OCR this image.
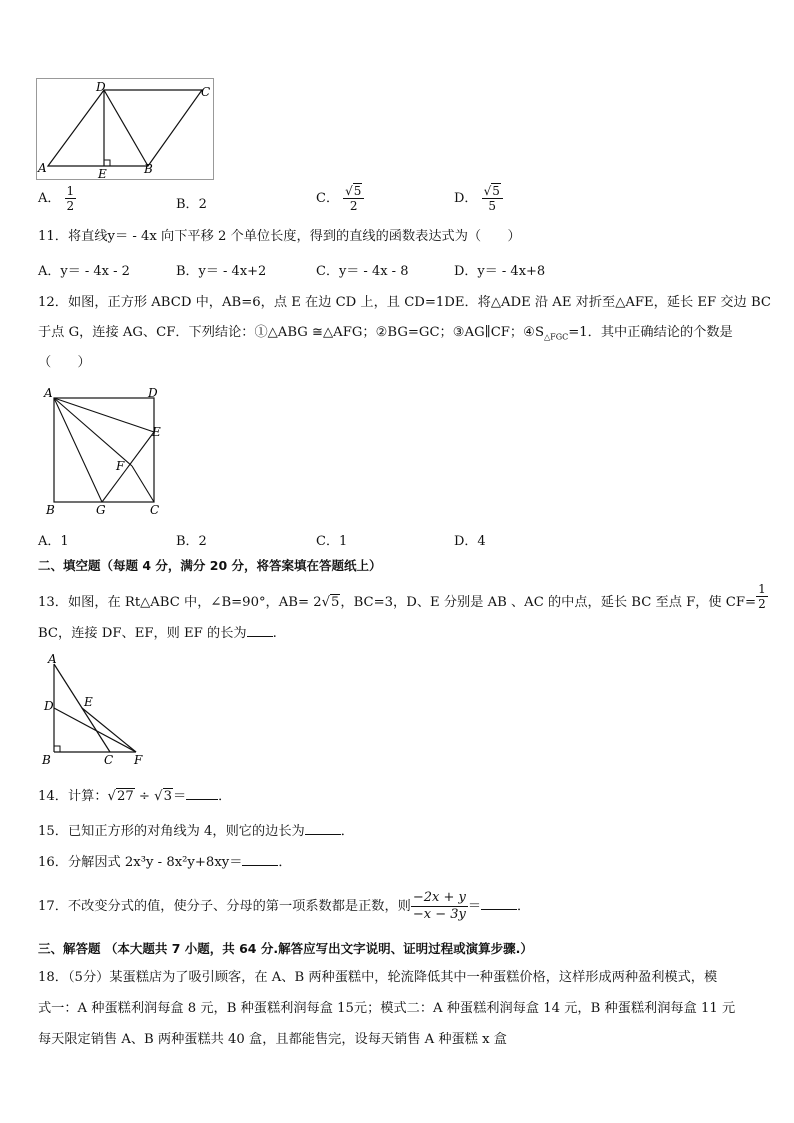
A
D	C
E	B
A． $\frac{1}{2}$	B．2	C． $\frac{√5}{2}$	D． $\frac{√5}{5}$
11．将直线y＝ - 4x 向下平移 2 个单位长度，得到的直线的函数表达式为（　　）
A．y＝ - 4x - 2	B．y＝ - 4x+2	C．y＝ - 4x - 8	D．y＝ - 4x+8
12．如图，正方形 ABCD 中，AB=6，点 E 在边 CD 上，且 CD=1DE．将△ADE 沿 AE 对折至△AFE，延长 EF 交边 BC
于点 G，连接 AG、CF．下列结论：①△ABG ≅△AFG；②BG=GC；③AG∥CF；$④S_{\triangle FGC}=1$．其中正确结论的个数是
（　　）
A	D
E
F
B	G	C
A．1	B．2	C．1	D．4
二、填空题（每题 4 分，满分 20 分，将答案填在答题纸上）
13．如图，在 Rt△ABC 中，∠B=90°，AB= 2√5，BC=3，D、E 分别是 AB 、AC 的中点，延长 BC 至点 F，使 $CF= \frac{1}{2}$
BC，连接 DF、EF，则 EF 的长为 .
A
D	E
B	C F
14．计算：√27 ÷ √3＝ ．
15．已知正方形的对角线为 4，则它的边长为	．
16．分解因式 2x³y - 8x²y+8xy＝	．
17．不改变分式的值，使分子、分母的第一项系数都是正数，则 $\frac{-2x + y}{-x - 3y}$ ＝	．
三、解答题 （本大题共 7 小题，共 64 分.解答应写出文字说明、证明过程或演算步骤.）
18．（5分）某蛋糕店为了吸引顾客，在 A、B 两种蛋糕中，轮流降低其中一种蛋糕价格，这样形成两种盈利模式，模
式一：A 种蛋糕利润每盒 8 元，B 种蛋糕利润每盒 15元；模式二：A 种蛋糕利润每盒 14 元，B 种蛋糕利润每盒 11 元
每天限定销售 A、B 两种蛋糕共 40 盒，且都能售完，设每天销售 A 种蛋糕 x 盒
